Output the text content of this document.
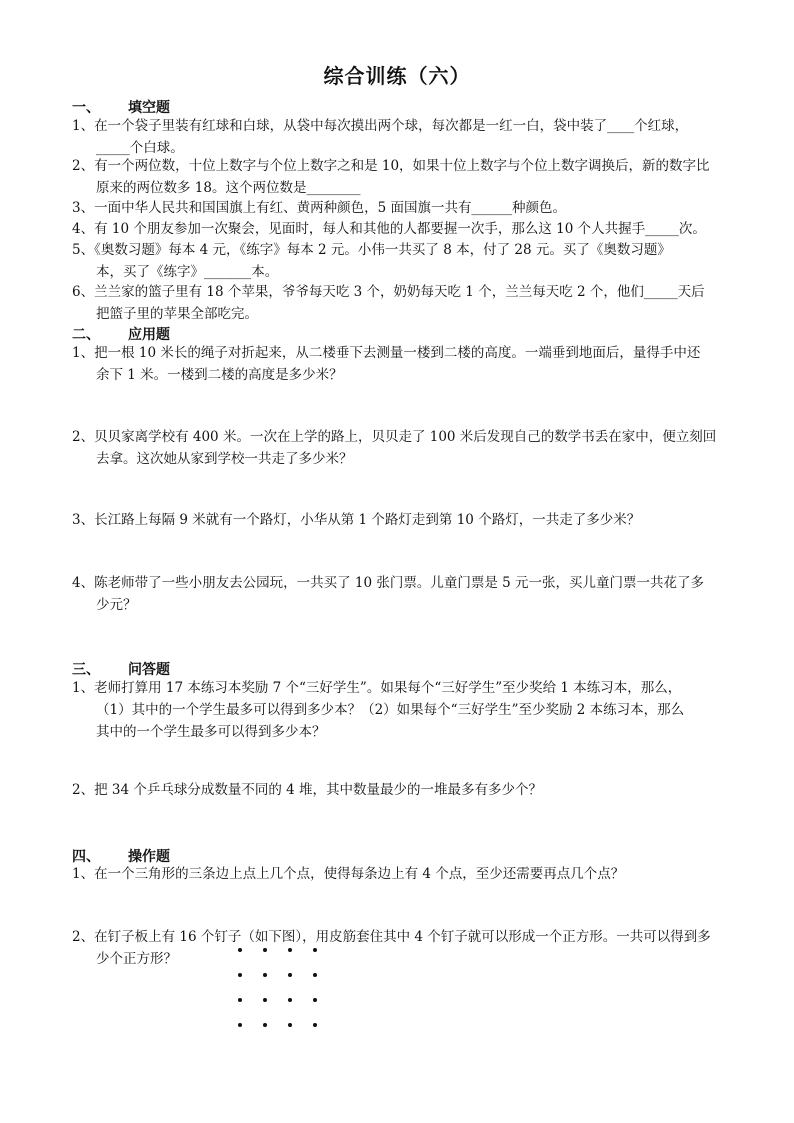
综合训练（六）
一、 填空题
1、在一个袋子里装有红球和白球，从袋中每次摸出两个球，每次都是一红一白，袋中装了____个红球，
_____个白球。
2、有一个两位数，十位上数字与个位上数字之和是 10，如果十位上数字与个位上数字调换后，新的数字比
原来的两位数多 18。这个两位数是________
3、一面中华人民共和国国旗上有红、黄两种颜色，5 面国旗一共有______种颜色。
4、有 10 个朋友参加一次聚会，见面时，每人和其他的人都要握一次手，那么这 10 个人共握手_____次。
5、《奥数习题》每本 4 元，《练字》每本 2 元。小伟一共买了 8 本，付了 28 元。买了《奥数习题》
本，买了《练字》_______本。
6、兰兰家的篮子里有 18 个苹果，爷爷每天吃 3 个，奶奶每天吃 1 个，兰兰每天吃 2 个，他们_____天后
把篮子里的苹果全部吃完。
二、 应用题
1、把一根 10 米长的绳子对折起来，从二楼垂下去测量一楼到二楼的高度。一端垂到地面后，量得手中还
余下 1 米。一楼到二楼的高度是多少米？
2、贝贝家离学校有 400 米。一次在上学的路上，贝贝走了 100 米后发现自己的数学书丢在家中，便立刻回
去拿。这次她从家到学校一共走了多少米？
3、长江路上每隔 9 米就有一个路灯，小华从第 1 个路灯走到第 10 个路灯，一共走了多少米？
4、陈老师带了一些小朋友去公园玩，一共买了 10 张门票。儿童门票是 5 元一张，买儿童门票一共花了多
少元？
三、 问答题
1、老师打算用 17 本练习本奖励 7 个“三好学生”。如果每个“三好学生”至少奖给 1 本练习本，那么，
（1）其中的一个学生最多可以得到多少本？（2）如果每个“三好学生”至少奖励 2 本练习本，那么
其中的一个学生最多可以得到多少本？
2、把 34 个乒乓球分成数量不同的 4 堆，其中数量最少的一堆最多有多少个？
四、 操作题
1、在一个三角形的三条边上点上几个点，使得每条边上有 4 个点，至少还需要再点几个点？
2、在钉子板上有 16 个钉子（如下图），用皮筋套住其中 4 个钉子就可以形成一个正方形。一共可以得到多
少个正方形？
